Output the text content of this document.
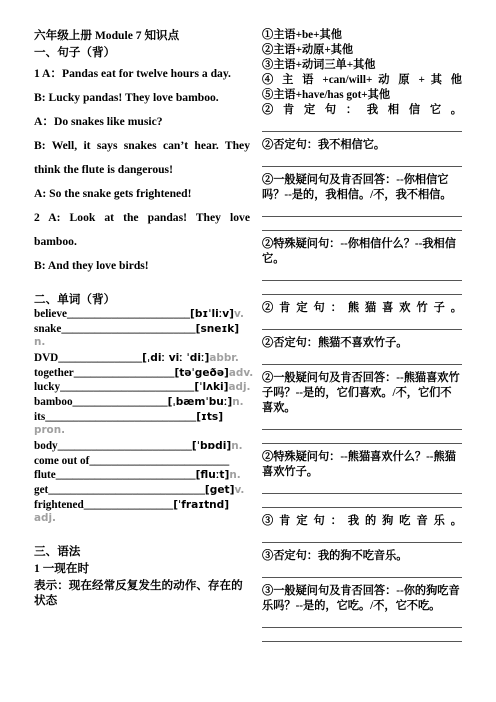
六年级上册 Module 7 知识点

一、句子（背）

1 A：Pandas eat for twelve hours a day.

B: Lucky pandas! They love bamboo.

A：Do snakes like music?

B: Well, it says snakes can’t hear. They

think the flute is dangerous!

A: So the snake gets frightened!

2 A: Look at the pandas! They love

bamboo.

B: And they love birds!

二、单词（背）

believe______________________[bɪˈliːv]v.

snake________________________[sneɪk]

n.

DVD_______________[ˌdiː viː ˈdiː]abbr.

together__________________[təˈgeðə]adv.

lucky________________________[ˈlʌki]adj.

bamboo_________________[ˌbæmˈbuː]n.

its___________________________[ɪts]

pron.

body________________________[ˈbɒdi]n.

come out of_________________________

flute_________________________[fluːt]n.

get____________________________[get]v.

frightened________________[ˈfraɪtnd]

adj.

三、语法

1 一现在时

表示：现在经常反复发生的动作、存在的状态

①主语+be+其他

②主语+动原+其他

③主语+动词三单+其他

④ 主 语 +can/will+ 动 原 + 其 他

⑤主语+have/has got+其他

② 肯 定 句 ： 我 相 信 它 。

②否定句：我不相信它。

②一般疑问句及肯否回答：--你相信它吗？--是的，我相信。/不，我不相信。

②特殊疑问句：--你相信什么？--我相信它。

② 肯 定 句 ： 熊 猫 喜 欢 竹 子 。

②否定句：熊猫不喜欢竹子。

②一般疑问句及肯否回答：--熊猫喜欢竹子吗？--是的，它们喜欢。/不，它们不喜欢。

②特殊疑问句：--熊猫喜欢什么？--熊猫喜欢竹子。

③ 肯 定 句 ： 我 的 狗 吃 音 乐 。

③否定句：我的狗不吃音乐。

③一般疑问句及肯否回答：--你的狗吃音乐吗？--是的，它吃。/不，它不吃。
